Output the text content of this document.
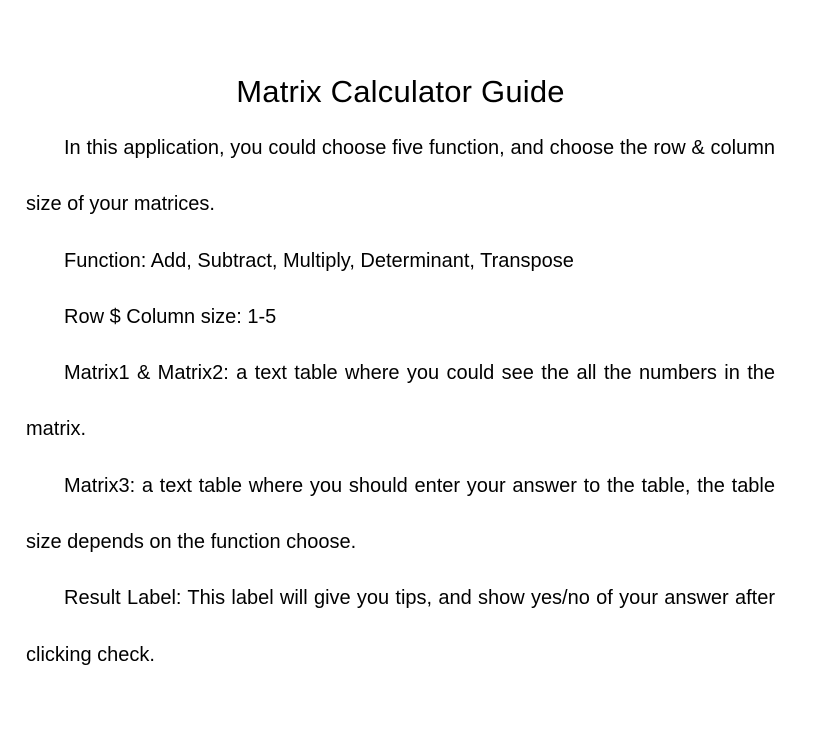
Matrix Calculator Guide

In this application, you could choose five function, and choose the row & column size of your matrices.

Function: Add, Subtract, Multiply, Determinant, Transpose

Row $ Column size: 1-5

Matrix1 & Matrix2: a text table where you could see the all the numbers in the matrix.

Matrix3: a text table where you should enter your answer to the table, the table size depends on the function choose.

Result Label: This label will give you tips, and show yes/no of your answer after clicking check.
